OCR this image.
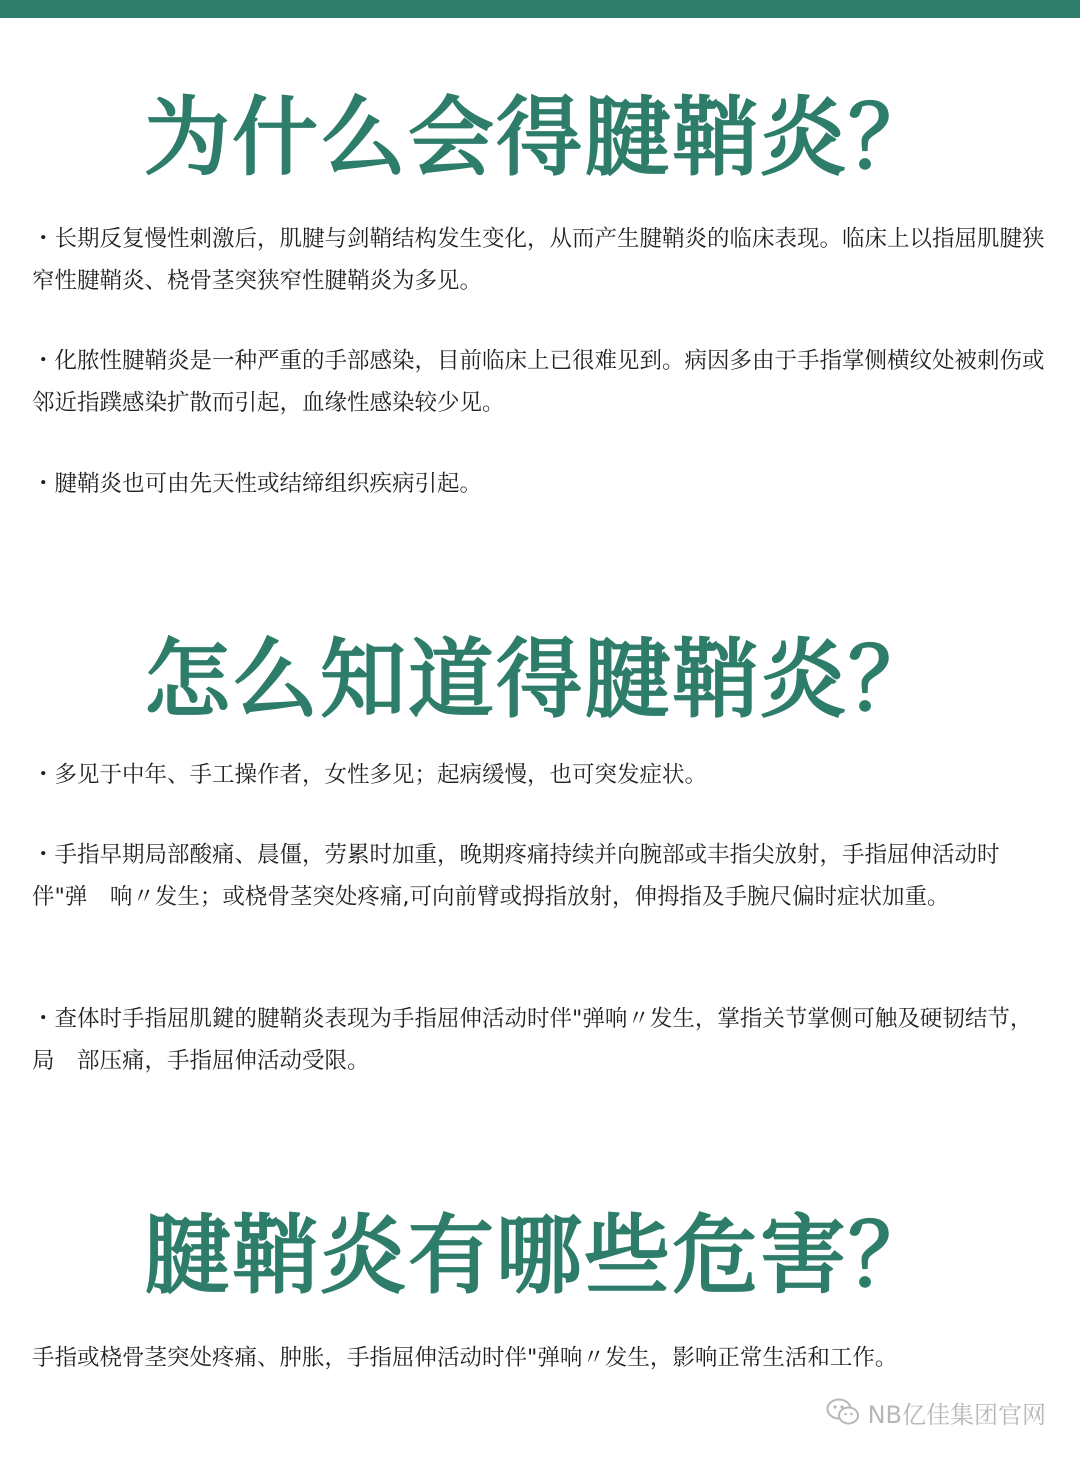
为什么会得腱鞘炎？

・长期反复慢性刺激后，肌腱与剑鞘结构发生变化，从而产生腱鞘炎的临床表现。临床上以指屈肌腱狭窄性腱鞘炎、桡骨茎突狭窄性腱鞘炎为多见。

・化脓性腱鞘炎是一种严重的手部感染，目前临床上已很难见到。病因多由于手指掌侧横纹处被刺伤或邻近指蹼感染扩散而引起，血缘性感染较少见。

・腱鞘炎也可由先天性或结缔组织疾病引起。

怎么知道得腱鞘炎？

・多见于中年、手工操作者，女性多见；起病缓慢，也可突发症状。

・手指早期局部酸痛、晨僵，劳累时加重，晚期疼痛持续并向腕部或丰指尖放射，手指屈伸活动时伴"弹　响〃发生；或桡骨茎突处疼痛,可向前臂或拇指放射，伸拇指及手腕尺偏时症状加重。

・查体时手指屈肌鍵的腱鞘炎表现为手指屈伸活动时伴"弹响〃发生，掌指关节掌侧可触及硬韧结节，局　部压痛，手指屈伸活动受限。

腱鞘炎有哪些危害？

手指或桡骨茎突处疼痛、肿胀，手指屈伸活动时伴"弹响〃发生，影响正常生活和工作。

NB亿佳集团官网
